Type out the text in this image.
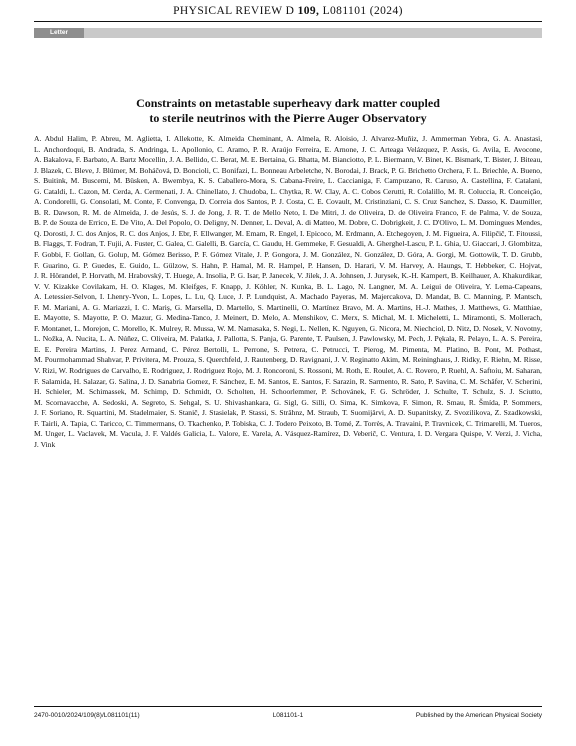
PHYSICAL REVIEW D 109, L081101 (2024)
Letter
Constraints on metastable superheavy dark matter coupled
to sterile neutrinos with the Pierre Auger Observatory

A. Abdul Halim, P. Abreu, M. Aglietta, I. Allekotte, K. Almeida Cheminant, A. Almela, R. Aloisio, J. Alvarez-Muñiz, J. Ammerman Yebra, G. A. Anastasi, L. Anchordoqui, B. Andrada, S. Andringa, L. Apollonio, C. Aramo, P. R. Araújo Ferreira, E. Arnone, J. C. Arteaga Velázquez, P. Assis, G. Avila, E. Avocone, A. Bakalova, F. Barbato, A. Bartz Mocellin, J. A. Bellido, C. Berat, M. E. Bertaina, G. Bhatta, M. Bianciotto, P. L. Biermann, V. Binet, K. Bismark, T. Bister, J. Biteau, J. Blazek, C. Bleve, J. Blümer, M. Boháčová, D. Boncioli, C. Bonifazi, L. Bonneau Arbeletche, N. Borodai, J. Brack, P. G. Brichetto Orchera, F. L. Briechle, A. Bueno, S. Buitink, M. Buscemi, M. Büsken, A. Bwembya, K. S. Caballero-Mora, S. Cabana-Freire, L. Caccianiga, F. Campuzano, R. Caruso, A. Castellina, F. Catalani, G. Cataldi, L. Cazon, M. Cerda, A. Cermenati, J. A. Chinellato, J. Chudoba, L. Chytka, R. W. Clay, A. C. Cobos Cerutti, R. Colalillo, M. R. Coluccia, R. Conceição, A. Condorelli, G. Consolati, M. Conte, F. Convenga, D. Correia dos Santos, P. J. Costa, C. E. Covault, M. Cristinziani, C. S. Cruz Sanchez, S. Dasso, K. Daumiller, B. R. Dawson, R. M. de Almeida, J. de Jesús, S. J. de Jong, J. R. T. de Mello Neto, I. De Mitri, J. de Oliveira, D. de Oliveira Franco, F. de Palma, V. de Souza, B. P. de Souza de Errico, E. De Vito, A. Del Popolo, O. Deligny, N. Denner, L. Deval, A. di Matteo, M. Dobre, C. Dobrigkeit, J. C. D'Olivo, L. M. Domingues Mendes, Q. Dorosti, J. C. dos Anjos, R. C. dos Anjos, J. Ebr, F. Ellwanger, M. Emam, R. Engel, I. Epicoco, M. Erdmann, A. Etchegoyen, J. M. Figueira, A. Filipčič, T. Fitoussi, B. Flaggs, T. Fodran, T. Fujii, A. Fuster, C. Galea, C. Galelli, B. García, C. Gaudu, H. Gemmeke, F. Gesualdi, A. Gherghel-Lascu, P. L. Ghia, U. Giaccari, J. Glombitza, F. Gobbi, F. Gollan, G. Golup, M. Gómez Berisso, P. F. Gómez Vitale, J. P. Gongora, J. M. González, N. González, D. Góra, A. Gorgi, M. Gottowik, T. D. Grubb, F. Guarino, G. P. Guedes, E. Guido, L. Gülzow, S. Hahn, P. Hamal, M. R. Hampel, P. Hansen, D. Harari, V. M. Harvey, A. Haungs, T. Hebbeker, C. Hojvat, J. R. Hörandel, P. Horvath, M. Hrabovský, T. Huege, A. Insolia, P. G. Isar, P. Janecek, V. Jilek, J. A. Johnsen, J. Jurysek, K.-H. Kampert, B. Keilhauer, A. Khakurdikar, V. V. Kizakke Covilakam, H. O. Klages, M. Kleifges, F. Knapp, J. Köhler, N. Kunka, B. L. Lago, N. Langner, M. A. Leigui de Oliveira, Y. Lema-Capeans, A. Letessier-Selvon, I. Lhenry-Yvon, L. Lopes, L. Lu, Q. Luce, J. P. Lundquist, A. Machado Payeras, M. Majercakova, D. Mandat, B. C. Manning, P. Mantsch, F. M. Mariani, A. G. Mariazzi, I. C. Mariş, G. Marsella, D. Martello, S. Martinelli, O. Martínez Bravo, M. A. Martins, H.-J. Mathes, J. Matthews, G. Matthiae, E. Mayotte, S. Mayotte, P. O. Mazur, G. Medina-Tanco, J. Meinert, D. Melo, A. Menshikov, C. Merx, S. Michal, M. I. Micheletti, L. Miramonti, S. Mollerach, F. Montanet, L. Morejon, C. Morello, K. Mulrey, R. Mussa, W. M. Namasaka, S. Negi, L. Nellen, K. Nguyen, G. Nicora, M. Niechciol, D. Nitz, D. Nosek, V. Novotny, L. Nožka, A. Nucita, L. A. Núñez, C. Oliveira, M. Palatka, J. Pallotta, S. Panja, G. Parente, T. Paulsen, J. Pawlowsky, M. Pech, J. Pękala, R. Pelayo, L. A. S. Pereira, E. E. Pereira Martins, J. Perez Armand, C. Pérez Bertolli, L. Perrone, S. Petrera, C. Petrucci, T. Pierog, M. Pimenta, M. Platino, B. Pont, M. Pothast, M. Pourmohammad Shahvar, P. Privitera, M. Prouza, S. Querchfeld, J. Rautenberg, D. Ravignani, J. V. Reginatto Akim, M. Reininghaus, J. Ridky, F. Riehn, M. Risse, V. Rizi, W. Rodrigues de Carvalho, E. Rodriguez, J. Rodriguez Rojo, M. J. Roncoroni, S. Rossoni, M. Roth, E. Roulet, A. C. Rovero, P. Ruehl, A. Saftoiu, M. Saharan, F. Salamida, H. Salazar, G. Salina, J. D. Sanabria Gomez, F. Sánchez, E. M. Santos, E. Santos, F. Sarazin, R. Sarmento, R. Sato, P. Savina, C. M. Schäfer, V. Scherini, H. Schieler, M. Schimassek, M. Schimp, D. Schmidt, O. Scholten, H. Schoorlemmer, P. Schovánek, F. G. Schröder, J. Schulte, T. Schulz, S. J. Sciutto, M. Scornavacche, A. Sedoski, A. Segreto, S. Sehgal, S. U. Shivashankara, G. Sigl, G. Silli, O. Sima, K. Simkova, F. Simon, R. Smau, R. Šmída, P. Sommers, J. F. Soriano, R. Squartini, M. Stadelmaier, S. Stanič, J. Stasielak, P. Stassi, S. Strähnz, M. Straub, T. Suomijärvi, A. D. Supanitsky, Z. Svozilikova, Z. Szadkowski, F. Tairli, A. Tapia, C. Taricco, C. Timmermans, O. Tkachenko, P. Tobiska, C. J. Todero Peixoto, B. Tomé, Z. Torrès, A. Travaini, P. Travnicek, C. Trimarelli, M. Tueros, M. Unger, L. Vaclavek, M. Vacula, J. F. Valdés Galicia, L. Valore, E. Varela, A. Vásquez-Ramírez, D. Veberič, C. Ventura, I. D. Vergara Quispe, V. Verzi, J. Vicha, J. Vink

2470-0010/2024/109(8)/L081101(11)	L081101-1	Published by the American Physical Society
